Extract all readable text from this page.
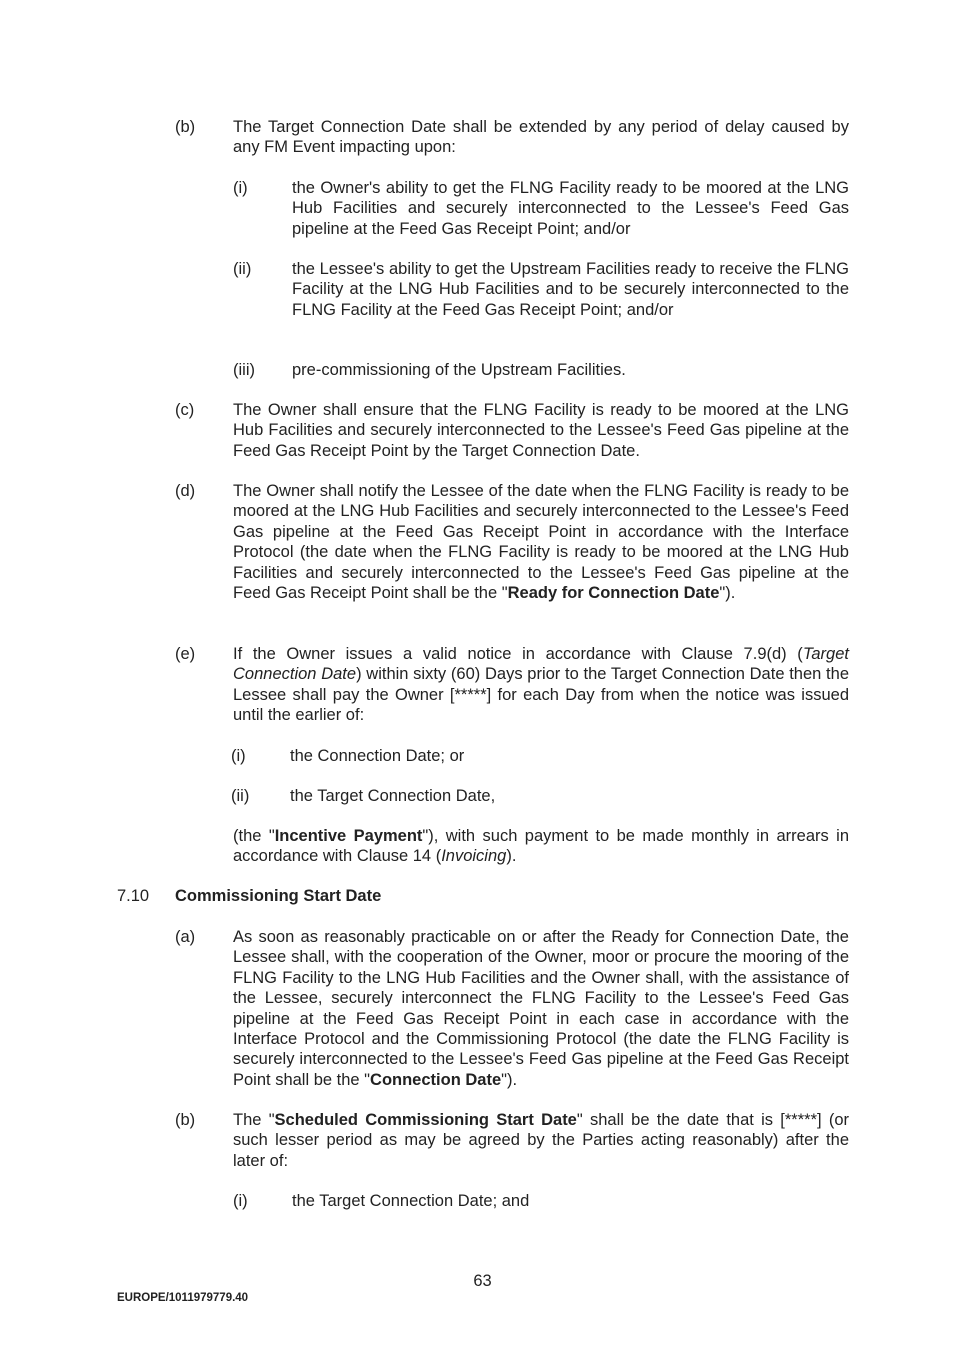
(b) The Target Connection Date shall be extended by any period of delay caused by any FM Event impacting upon:
(i)	the Owner's ability to get the FLNG Facility ready to be moored at the LNG Hub Facilities and securely interconnected to the Lessee's Feed Gas pipeline at the Feed Gas Receipt Point; and/or
(ii) the Lessee's ability to get the Upstream Facilities ready to receive the FLNG Facility at the LNG Hub Facilities and to be securely interconnected to the FLNG Facility at the Feed Gas Receipt Point; and/or
(iii) pre-commissioning of the Upstream Facilities.
(c) The Owner shall ensure that the FLNG Facility is ready to be moored at the LNG Hub Facilities and securely interconnected to the Lessee's Feed Gas pipeline at the Feed Gas Receipt Point by the Target Connection Date.
(d) The Owner shall notify the Lessee of the date when the FLNG Facility is ready to be moored at the LNG Hub Facilities and securely interconnected to the Lessee's Feed Gas pipeline at the Feed Gas Receipt Point in accordance with the Interface Protocol (the date when the FLNG Facility is ready to be moored at the LNG Hub Facilities and securely interconnected to the Lessee's Feed Gas pipeline at the Feed Gas Receipt Point shall be the "Ready for Connection Date").
(e) If the Owner issues a valid notice in accordance with Clause 7.9(d) (Target Connection Date) within sixty (60) Days prior to the Target Connection Date then the Lessee shall pay the Owner [*****] for each Day from when the notice was issued until the earlier of:
(i)	the Connection Date; or
(ii) the Target Connection Date,
(the "Incentive Payment"), with such payment to be made monthly in arrears in accordance with Clause 14 (Invoicing).
7.10 Commissioning Start Date
(a) As soon as reasonably practicable on or after the Ready for Connection Date, the Lessee shall, with the cooperation of the Owner, moor or procure the mooring of the FLNG Facility to the LNG Hub Facilities and the Owner shall, with the assistance of the Lessee, securely interconnect the FLNG Facility to the Lessee's Feed Gas pipeline at the Feed Gas Receipt Point in each case in accordance with the Interface Protocol and the Commissioning Protocol (the date the FLNG Facility is securely interconnected to the Lessee's Feed Gas pipeline at the Feed Gas Receipt Point shall be the "Connection Date").
(b) The "Scheduled Commissioning Start Date" shall be the date that is [*****] (or such lesser period as may be agreed by the Parties acting reasonably) after the later of:
(i)	the Target Connection Date; and
63
EUROPE/1011979779.40
